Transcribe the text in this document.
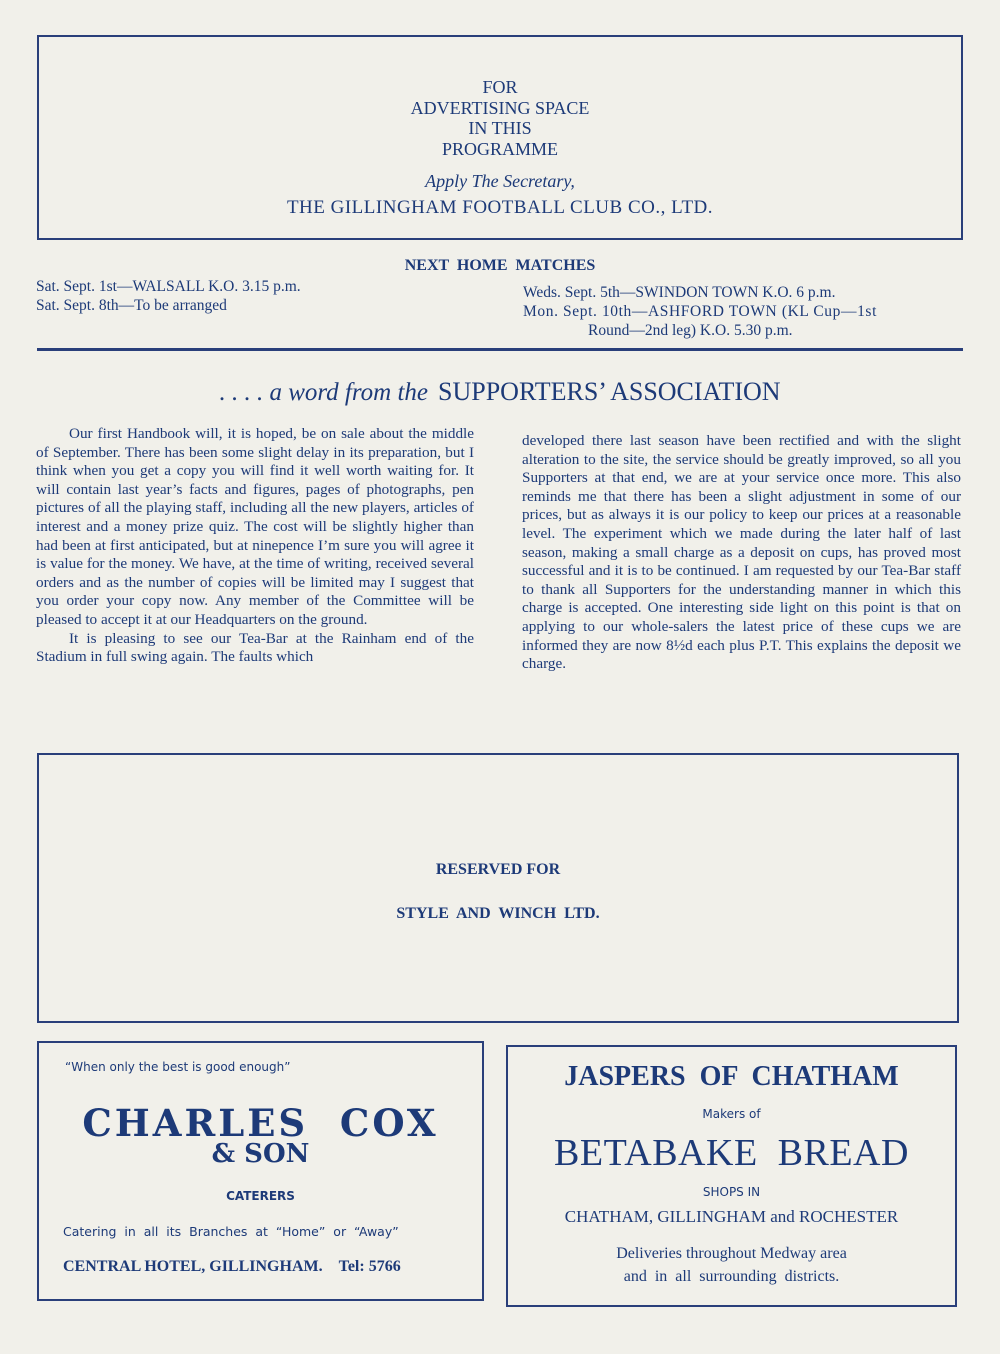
FOR
ADVERTISING SPACE
IN THIS
PROGRAMME
Apply The Secretary,
THE GILLINGHAM FOOTBALL CLUB CO., LTD.
NEXT  HOME  MATCHES
Sat. Sept. 1st—WALSALL K.O. 3.15 p.m.
Sat. Sept. 8th—To be arranged
Weds. Sept. 5th—SWINDON TOWN K.O. 6 p.m.
Mon. Sept. 10th—ASHFORD TOWN (KL Cup—1st
Round—2nd leg) K.O. 5.30 p.m.
. . . . a word from the SUPPORTERS’ ASSOCIATION

Our first Handbook will, it is hoped, be on sale about the middle of September. There has been some slight delay in its preparation, but I think when you get a copy you will find it well worth waiting for. It will contain last year’s facts and figures, pages of photographs, pen pictures of all the playing staff, including all the new players, articles of interest and a money prize quiz. The cost will be slightly higher than had been at first anticipated, but at ninepence I’m sure you will agree it is value for the money. We have, at the time of writing, received several orders and as the number of copies will be limited may I suggest that you order your copy now. Any member of the Committee will be pleased to accept it at our Headquarters on the ground.

It is pleasing to see our Tea-Bar at the Rainham end of the Stadium in full swing again. The faults which

developed there last season have been rectified and with the slight alteration to the site, the service should be greatly improved, so all you Supporters at that end, we are at your service once more. This also reminds me that there has been a slight adjustment in some of our prices, but as always it is our policy to keep our prices at a reasonable level. The experiment which we made during the later half of last season, making a small charge as a deposit on cups, has proved most successful and it is to be continued. I am requested by our Tea-Bar staff to thank all Supporters for the understanding manner in which this charge is accepted. One interesting side light on this point is that on applying to our whole-salers the latest price of these cups we are informed they are now 8½d each plus P.T. This explains the deposit we charge.

RESERVED FOR
STYLE  AND  WINCH  LTD.
“When only the best is good enough”
CHARLES  COX
& SON
CATERERS
Catering  in  all  its  Branches  at  “Home”  or  “Away”
CENTRAL HOTEL, GILLINGHAM. Tel: 5766
JASPERS  OF  CHATHAM
Makers of
BETABAKE  BREAD
SHOPS IN
CHATHAM, GILLINGHAM and ROCHESTER
Deliveries throughout Medway area
and  in  all  surrounding  districts.
